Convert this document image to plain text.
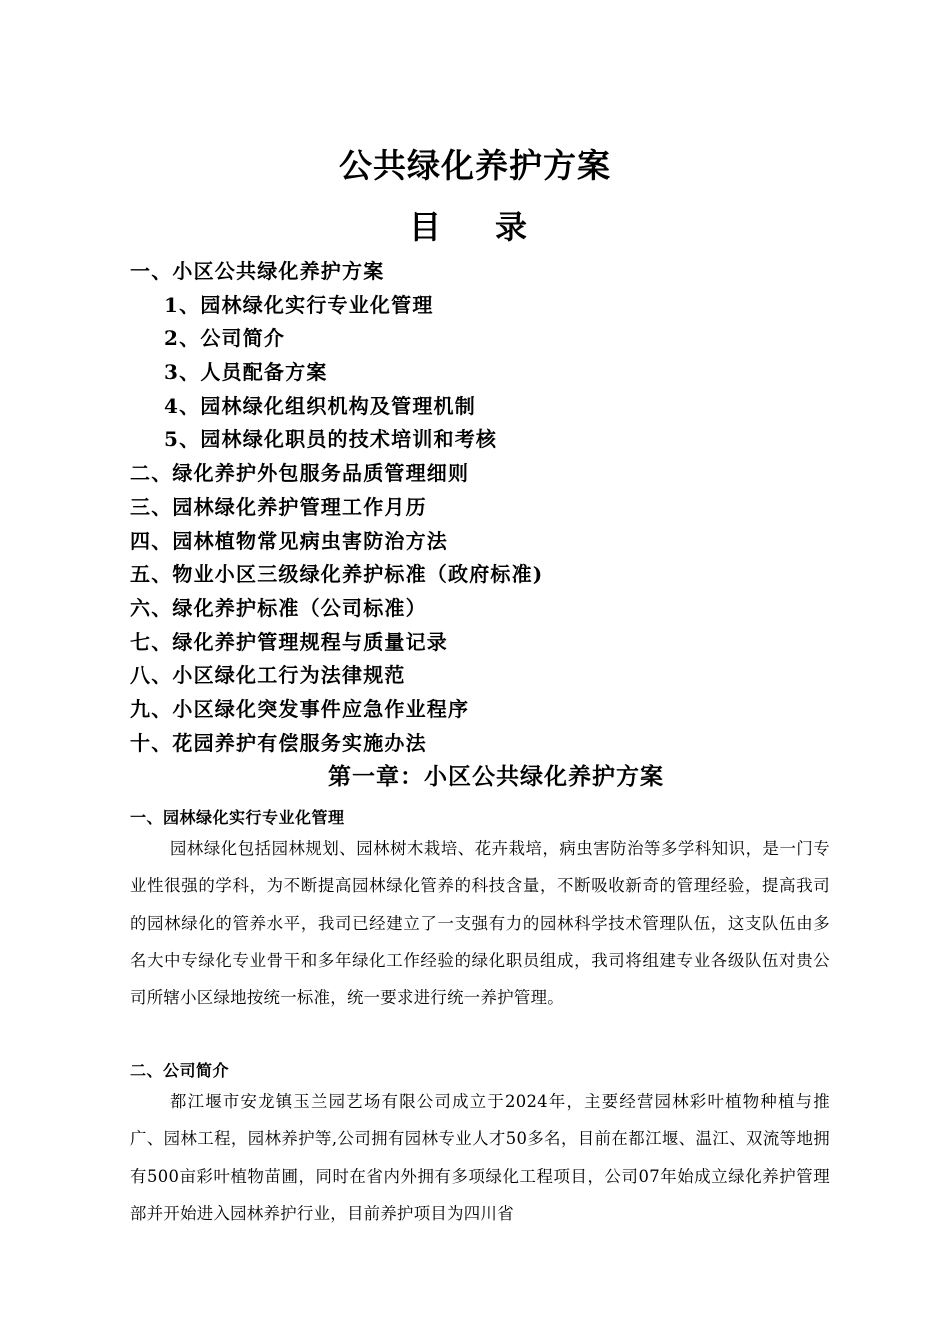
公共绿化养护方案
目录
一、小区公共绿化养护方案
1、园林绿化实行专业化管理
2、公司简介
3、人员配备方案
4、园林绿化组织机构及管理机制
5、园林绿化职员的技术培训和考核
二、绿化养护外包服务品质管理细则
三、园林绿化养护管理工作月历
四、园林植物常见病虫害防治方法
五、物业小区三级绿化养护标准（政府标准)
六、绿化养护标准（公司标准）
七、绿化养护管理规程与质量记录
八、小区绿化工行为法律规范
九、小区绿化突发事件应急作业程序
十、花园养护有偿服务实施办法
第一章：小区公共绿化养护方案
一、园林绿化实行专业化管理

园林绿化包括园林规划、园林树木栽培、花卉栽培，病虫害防治等多学科知识，是一门专业性很强的学科，为不断提高园林绿化管养的科技含量，不断吸收新奇的管理经验，提高我司的园林绿化的管养水平，我司已经建立了一支强有力的园林科学技术管理队伍，这支队伍由多名大中专绿化专业骨干和多年绿化工作经验的绿化职员组成，我司将组建专业各级队伍对贵公司所辖小区绿地按统一标准，统一要求进行统一养护管理。

二、公司简介

都江堰市安龙镇玉兰园艺场有限公司成立于2024年，主要经营园林彩叶植物种植与推广、园林工程，园林养护等,公司拥有园林专业人才50多名，目前在都江堰、温江、双流等地拥有500亩彩叶植物苗圃，同时在省内外拥有多项绿化工程项目，公司07年始成立绿化养护管理部并开始进入园林养护行业，目前养护项目为四川省
